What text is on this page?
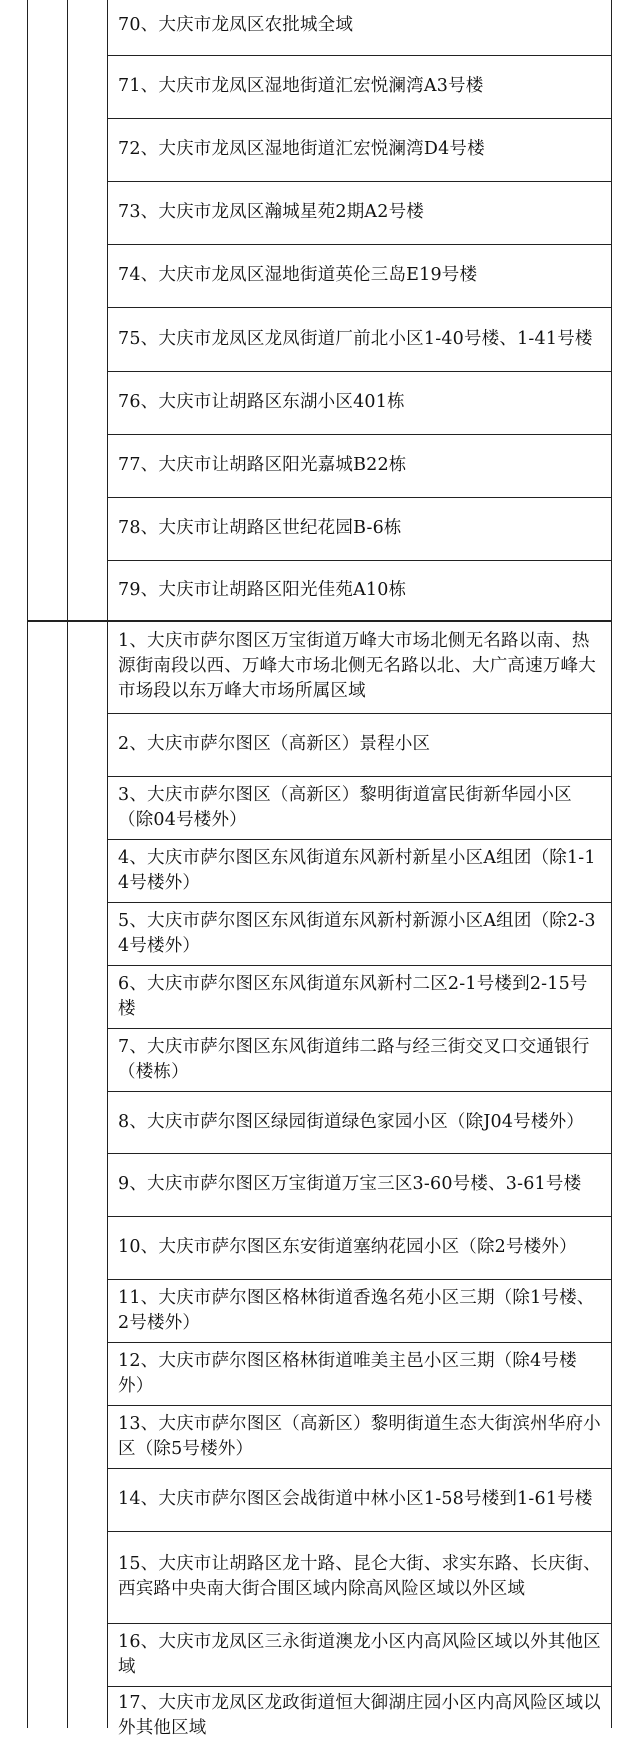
70、大庆市龙凤区农批城全域
71、大庆市龙凤区湿地街道汇宏悦澜湾A3号楼
72、大庆市龙凤区湿地街道汇宏悦澜湾D4号楼
73、大庆市龙凤区瀚城星苑2期A2号楼
74、大庆市龙凤区湿地街道英伦三岛E19号楼
75、大庆市龙凤区龙凤街道厂前北小区1-40号楼、1-41号楼
76、大庆市让胡路区东湖小区401栋
77、大庆市让胡路区阳光嘉城B22栋
78、大庆市让胡路区世纪花园B-6栋
79、大庆市让胡路区阳光佳苑A10栋
1、大庆市萨尔图区万宝街道万峰大市场北侧无名路以南、热源街南段以西、万峰大市场北侧无名路以北、大广高速万峰大市场段以东万峰大市场所属区域
2、大庆市萨尔图区（高新区）景程小区
3、大庆市萨尔图区（高新区）黎明街道富民街新华园小区（除04号楼外）
4、大庆市萨尔图区东风街道东风新村新星小区A组团（除1-14号楼外）
5、大庆市萨尔图区东风街道东风新村新源小区A组团（除2-34号楼外）
6、大庆市萨尔图区东风街道东风新村二区2-1号楼到2-15号楼
7、大庆市萨尔图区东风街道纬二路与经三街交叉口交通银行（楼栋）
8、大庆市萨尔图区绿园街道绿色家园小区（除J04号楼外）
9、大庆市萨尔图区万宝街道万宝三区3-60号楼、3-61号楼
10、大庆市萨尔图区东安街道塞纳花园小区（除2号楼外）
11、大庆市萨尔图区格林街道香逸名苑小区三期（除1号楼、2号楼外）
12、大庆市萨尔图区格林街道唯美主邑小区三期（除4号楼外）
13、大庆市萨尔图区（高新区）黎明街道生态大街滨州华府小区（除5号楼外）
14、大庆市萨尔图区会战街道中林小区1-58号楼到1-61号楼
15、大庆市让胡路区龙十路、昆仑大街、求实东路、长庆街、西宾路中央南大街合围区域内除高风险区域以外区域
16、大庆市龙凤区三永街道澳龙小区内高风险区域以外其他区域
17、大庆市龙凤区龙政街道恒大御湖庄园小区内高风险区域以外其他区域
